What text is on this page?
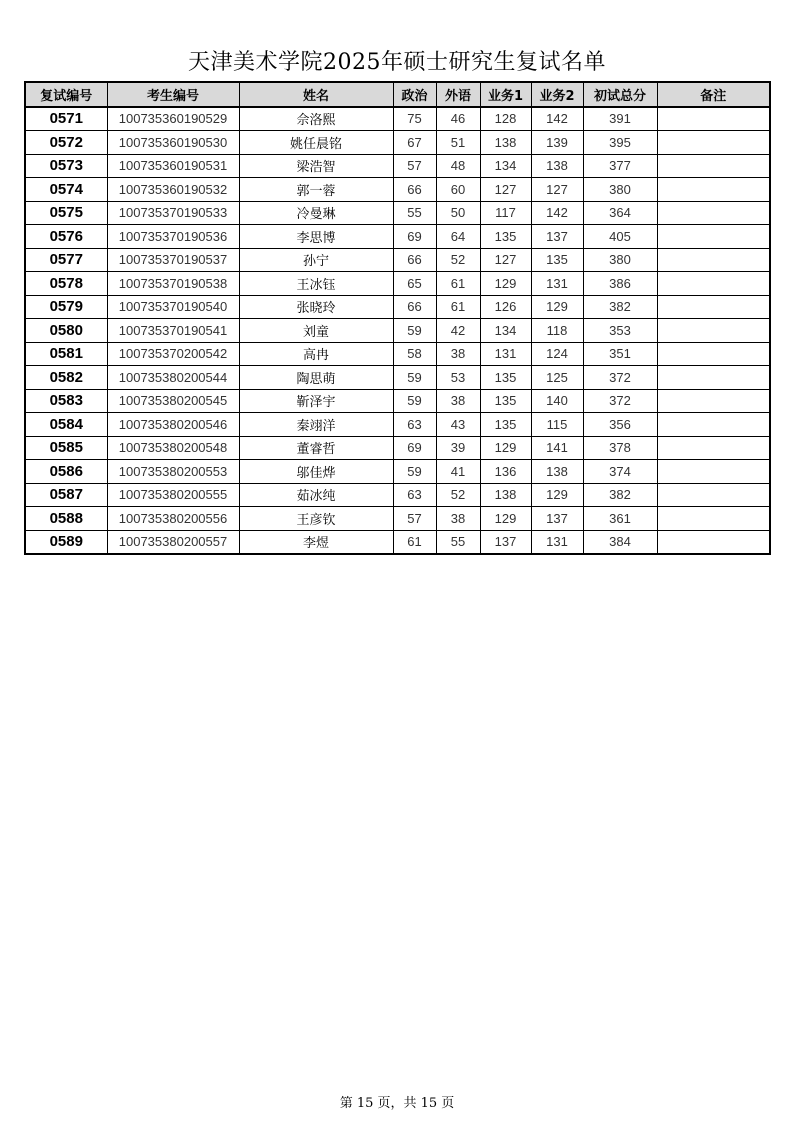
天津美术学院2025年硕士研究生复试名单
复试编号	考生编号	姓名	政治	外语	业务1	业务2	初试总分	备注
0571	100735360190529	佘洛熙	75	46	128	142	391	
0572	100735360190530	姚任晨铭	67	51	138	139	395	
0573	100735360190531	梁浩智	57	48	134	138	377	
0574	100735360190532	郭一蓉	66	60	127	127	380	
0575	100735370190533	冷曼琳	55	50	117	142	364	
0576	100735370190536	李思博	69	64	135	137	405	
0577	100735370190537	孙宁	66	52	127	135	380	
0578	100735370190538	王冰钰	65	61	129	131	386	
0579	100735370190540	张晓玲	66	61	126	129	382	
0580	100735370190541	刘童	59	42	134	118	353	
0581	100735370200542	高冉	58	38	131	124	351	
0582	100735380200544	陶思萌	59	53	135	125	372	
0583	100735380200545	靳泽宇	59	38	135	140	372	
0584	100735380200546	秦翊洋	63	43	135	115	356	
0585	100735380200548	董睿哲	69	39	129	141	378	
0586	100735380200553	邬佳烨	59	41	136	138	374	
0587	100735380200555	茹冰纯	63	52	138	129	382	
0588	100735380200556	王彦钦	57	38	129	137	361	
0589	100735380200557	李煜	61	55	137	131	384	
第 15 页，共 15 页
